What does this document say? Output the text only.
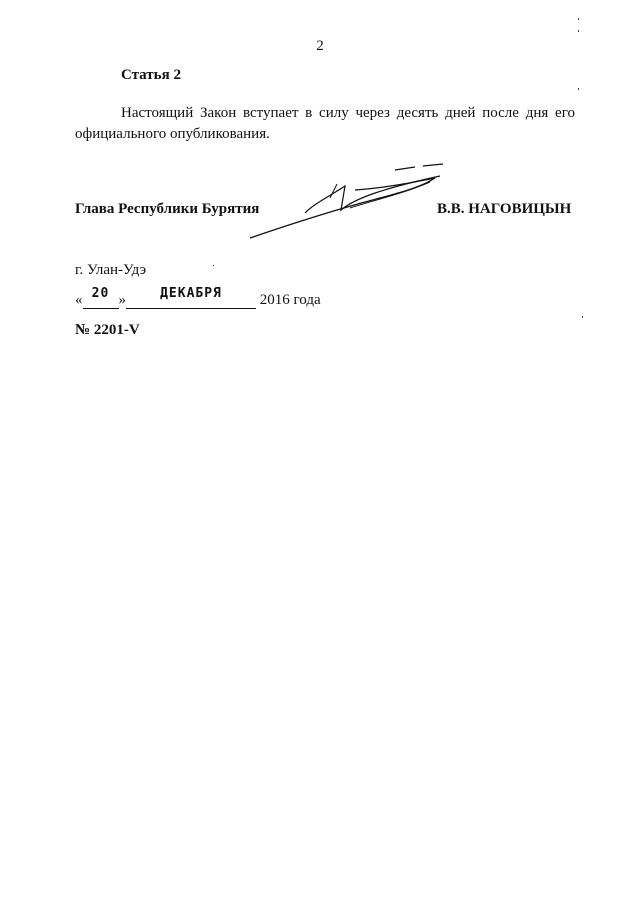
2
Статья 2
Настоящий Закон вступает в силу через десять дней после дня его официального опубликования.
Глава Республики Бурятия	В.В. НАГОВИЦЫН
г. Улан-Удэ
« 20 »	ДЕКАБРЯ	2016 года
№ 2201-V
